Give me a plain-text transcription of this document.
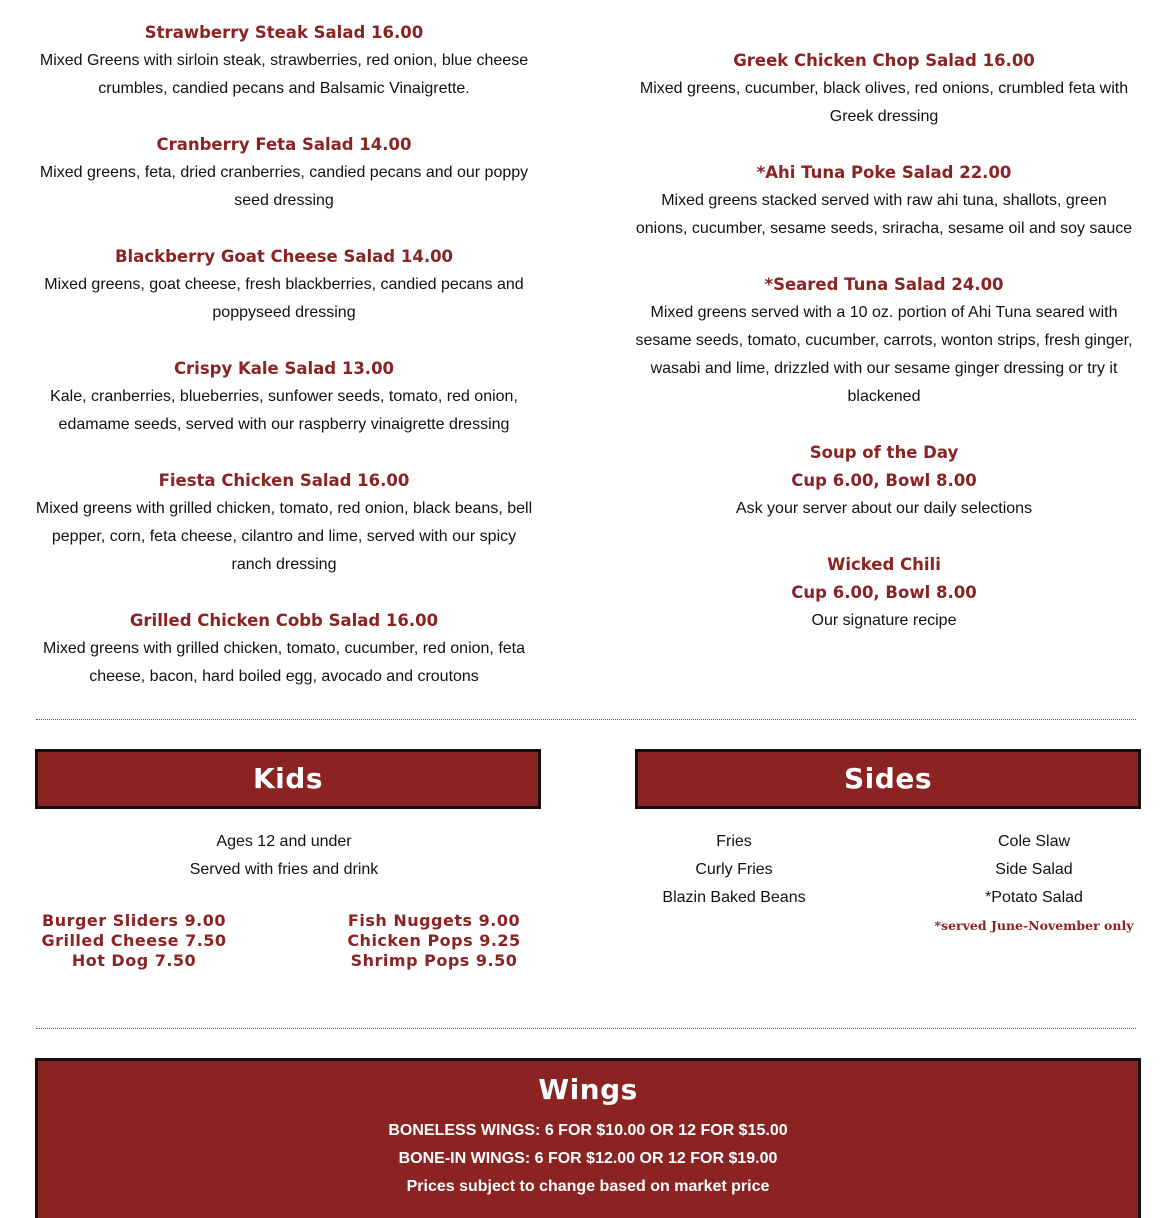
Strawberry Steak Salad 16.00

Mixed Greens with sirloin steak, strawberries, red onion, blue cheese crumbles, candied pecans and Balsamic Vinaigrette.

Cranberry Feta Salad 14.00

Mixed greens, feta, dried cranberries, candied pecans and our poppy seed dressing

Blackberry Goat Cheese Salad 14.00

Mixed greens, goat cheese, fresh blackberries, candied pecans and poppyseed dressing

Crispy Kale Salad 13.00

Kale, cranberries, blueberries, sunfower seeds, tomato, red onion, edamame seeds, served with our raspberry vinaigrette dressing

Fiesta Chicken Salad 16.00

Mixed greens with grilled chicken, tomato, red onion, black beans, bell pepper, corn, feta cheese, cilantro and lime, served with our spicy ranch dressing

Grilled Chicken Cobb Salad 16.00

Mixed greens with grilled chicken, tomato, cucumber, red onion, feta cheese, bacon, hard boiled egg, avocado and croutons

Greek Chicken Chop Salad 16.00

Mixed greens, cucumber, black olives, red onions, crumbled feta with Greek dressing

*Ahi Tuna Poke Salad 22.00

Mixed greens stacked served with raw ahi tuna, shallots, green onions, cucumber, sesame seeds, sriracha, sesame oil and soy sauce

*Seared Tuna Salad 24.00

Mixed greens served with a 10 oz. portion of Ahi Tuna seared with sesame seeds, tomato, cucumber, carrots, wonton strips, fresh ginger, wasabi and lime, drizzled with our sesame ginger dressing or try it blackened

Soup of the Day

Cup 6.00, Bowl 8.00

Ask your server about our daily selections

Wicked Chili

Cup 6.00, Bowl 8.00

Our signature recipe

Kids
Ages 12 and under
Served with fries and drink
Burger Sliders 9.00
Grilled Cheese 7.50
Hot Dog 7.50
Fish Nuggets 9.00
Chicken Pops 9.25
Shrimp Pops 9.50
Sides
Fries
Curly Fries
Blazin Baked Beans
Cole Slaw
Side Salad
*Potato Salad
*served June-November only
Wings
BONELESS WINGS: 6 FOR $10.00 OR 12 FOR $15.00
BONE-IN WINGS: 6 FOR $12.00 OR 12 FOR $19.00
Prices subject to change based on market price
